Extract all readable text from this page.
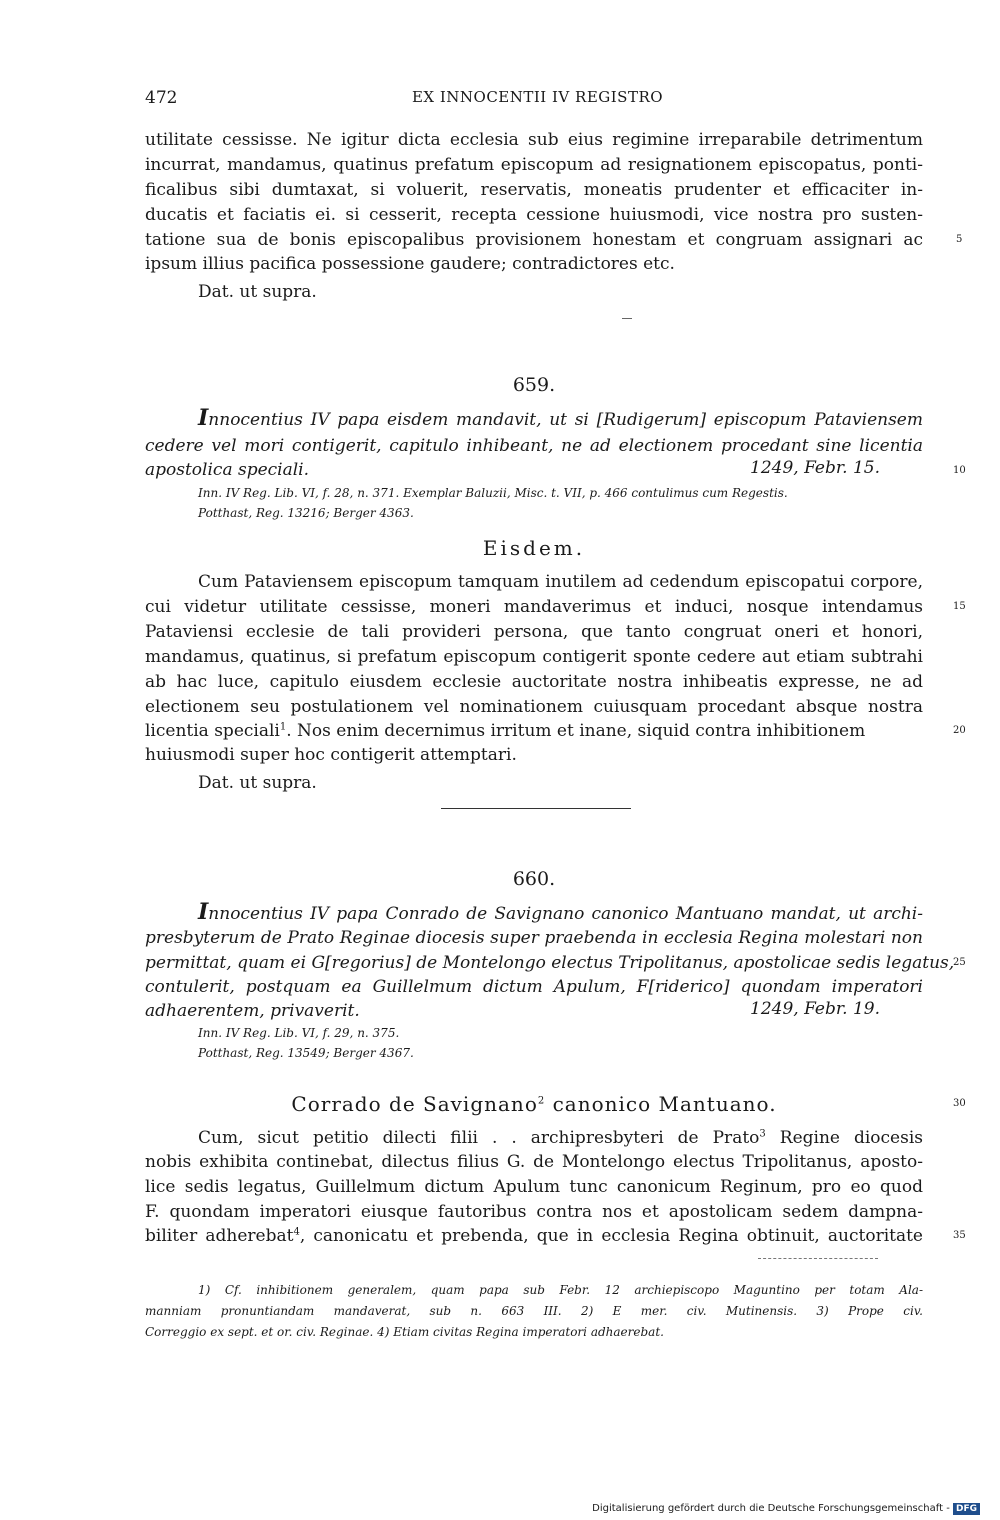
472	EX INNOCENTII IV REGISTRO
utilitate cessisse. Ne igitur dicta ecclesia sub eius regimine irreparabile detrimentum
incurrat, mandamus, quatinus prefatum episcopum ad resignationem episcopatus, ponti-
ficalibus sibi dumtaxat, si voluerit, reservatis, moneatis prudenter et efficaciter in-
ducatis et faciatis ei. si cesserit, recepta cessione huiusmodi, vice nostra pro susten-
tatione sua de bonis episcopalibus provisionem honestam et congruam assignari ac
ipsum illius pacifica possessione gaudere; contradictores etc.
Dat. ut supra.
659.
Innocentius IV papa eisdem mandavit, ut si [Rudigerum] episcopum Pataviensem
cedere vel mori contigerit, capitulo inhibeant, ne ad electionem procedant sine licentia
apostolica speciali.	1249, Febr. 15.
Inn. IV Reg. Lib. VI, f. 28, n. 371. Exemplar Baluzii, Misc. t. VII, p. 466 contulimus cum Regestis.
Potthast, Reg. 13216; Berger 4363.
Eisdem.
Cum Pataviensem episcopum tamquam inutilem ad cedendum episcopatui corpore,
cui videtur utilitate cessisse, moneri mandaverimus et induci, nosque intendamus
Pataviensi ecclesie de tali provideri persona, que tanto congruat oneri et honori,
mandamus, quatinus, si prefatum episcopum contigerit sponte cedere aut etiam subtrahi
ab hac luce, capitulo eiusdem ecclesie auctoritate nostra inhibeatis expresse, ne ad
electionem seu postulationem vel nominationem cuiusquam procedant absque nostra
licentia speciali$^1$. Nos enim decernimus irritum et inane, siquid contra inhibitionem
huiusmodi super hoc contigerit attemptari.
Dat. ut supra.
660.
Innocentius IV papa Conrado de Savignano canonico Mantuano mandat, ut archi-
presbyterum de Prato Reginae diocesis super praebenda in ecclesia Regina molestari non
permittat, quam ei G[regorius] de Montelongo electus Tripolitanus, apostolicae sedis legatus,
contulerit, postquam ea Guillelmum dictum Apulum, F[riderico] quondam imperatori
adhaerentem, privaverit.	1249, Febr. 19.
Inn. IV Reg. Lib. VI, f. 29, n. 375.
Potthast, Reg. 13549; Berger 4367.
Corrado de Savignano$^2$ canonico Mantuano.
Cum, sicut petitio dilecti filii . . archipresbyteri de Prato$^3$ Regine diocesis
nobis exhibita continebat, dilectus filius G. de Montelongo electus Tripolitanus, aposto-
lice sedis legatus, Guillelmum dictum Apulum tunc canonicum Reginum, pro eo quod
F. quondam imperatori eiusque fautoribus contra nos et apostolicam sedem dampna-
biliter adherebat$^4$, canonicatu et prebenda, que in ecclesia Regina obtinuit, auctoritate
5
10
15
20
25
30
35
1) Cf. inhibitionem generalem, quam papa sub Febr. 12 archiepiscopo Maguntino per totam Ala-
manniam pronuntiandam mandaverat, sub n. 663 III. 2) E mer. civ. Mutinensis. 3) Prope civ.
Correggio ex sept. et or. civ. Reginae. 4) Etiam civitas Regina imperatori adhaerebat.
Digitalisierung gefördert durch die Deutsche Forschungsgemeinschaft - DFG
